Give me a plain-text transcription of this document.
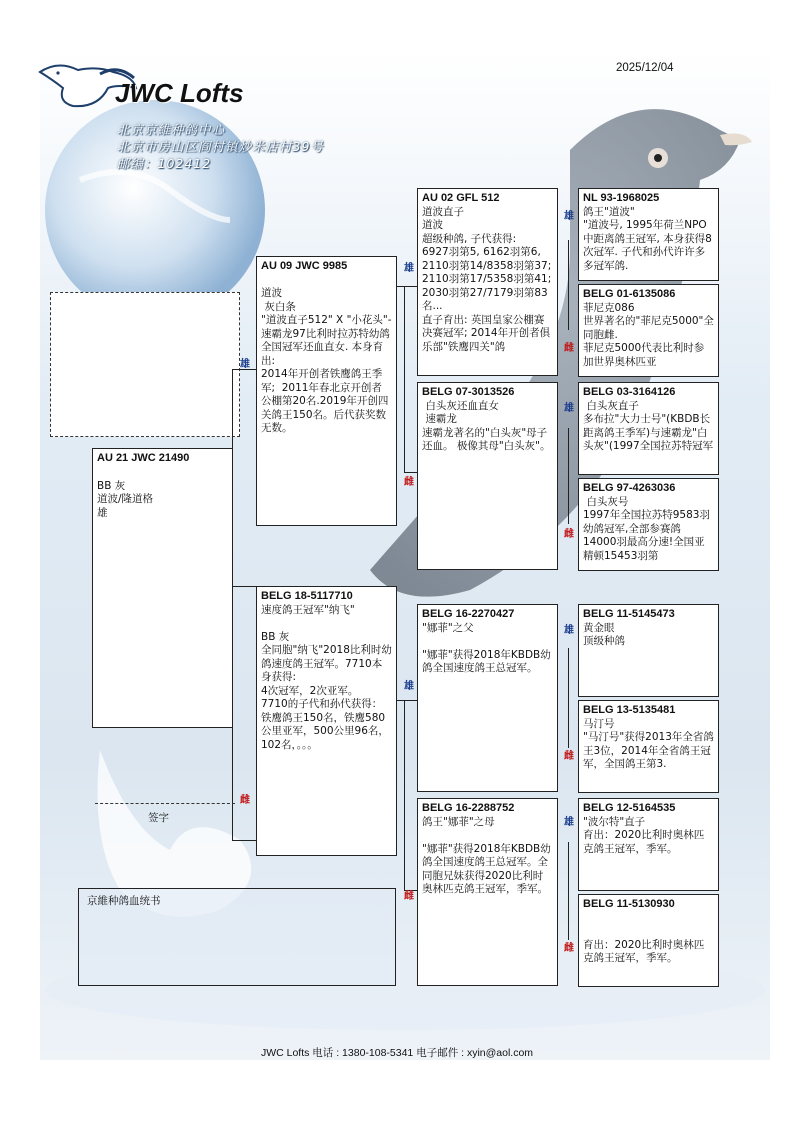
2025/12/04
JWC Lofts
北京京維种鸽中心
北京市房山区阎村镇炒米店村39号
邮编：102412
雄
雌
雄
雌
雄
雌
雄
雌
雄
雌
雄
雌
雄
雌
AU 21 JWC 21490
BB 灰
道波/隆道格
雄
AU 09 JWC 9985

道波
灰白条
"道波直子512" X "小花头"-速霸龙97比利时拉苏特幼鸽全国冠军还血直女. 本身育出:
2014年开创者铁鹰鸽王季军;  2011年春北京开创者公棚第20名.2019年开创四关鸽王150名。后代获奖数无数。
BELG 18-5117710
速度鸽王冠军"纳飞"

BB 灰
全同胞"纳飞"2018比利时幼鸽速度鸽王冠军。7710本身获得:
4次冠军，2次亚军。
7710的子代和孙代获得：铁鹰鸽王150名，铁鹰580公里亚军，500公里96名，102名，。。。
AU 02 GFL 512
道波直子
道波
超级种鸽, 子代获得:
6927羽第5, 6162羽第6, 2110羽第14/8358羽第37; 2110羽第17/5358羽第41; 2030羽第27/7179羽第83名...
直子育出: 英国皇家公棚赛决赛冠军; 2014年开创者俱乐部"铁鹰四关"鸽
BELG 07-3013526
白头灰还血直女
速霸龙
速霸龙著名的"白头灰"母子还血。 极像其母"白头灰"。
BELG 16-2270427
"娜菲"之父

"娜菲"获得2018年KBDB幼鸽全国速度鸽王总冠军。
BELG 16-2288752
鸽王"娜菲"之母

"娜菲"获得2018年KBDB幼鸽全国速度鸽王总冠军。全同胞兄妹获得2020比利时奥林匹克鸽王冠军，季军。
NL 93-1968025
鸽王"道波"
"道波号, 1995年荷兰NPO中距离鸽王冠军, 本身获得8次冠军. 子代和孙代许许多多冠军鸽.
BELG 01-6135086
菲尼克086
世界著名的"菲尼克5000"全同胞雌.
菲尼克5000代表比利时参加世界奥林匹亚
BELG 03-3164126
白头灰直子
多布拉"大力士号"(KBDB长距离鸽王季军)与速霸龙"白头灰"(1997全国拉苏特冠军
BELG 97-4263036
白头灰号
1997年全国拉苏特9583羽幼鸽冠军,全部参赛鸽14000羽最高分速!全国亚精顿15453羽第
BELG 11-5145473
黄金眼
顶级种鸽
BELG 13-5135481
马汀号
"马汀号"获得2013年全省鸽王3位，2014年全省鸽王冠军，全国鸽王第3.
BELG 12-5164535
"波尔特"直子
育出：2020比利时奥林匹克鸽王冠军，季军。
BELG 11-5130930

育出：2020比利时奥林匹克鸽王冠军，季军。
签字
京維种鸽血统书
JWC Lofts 电话 : 1380-108-5341 电子邮件 : xyin@aol.com
